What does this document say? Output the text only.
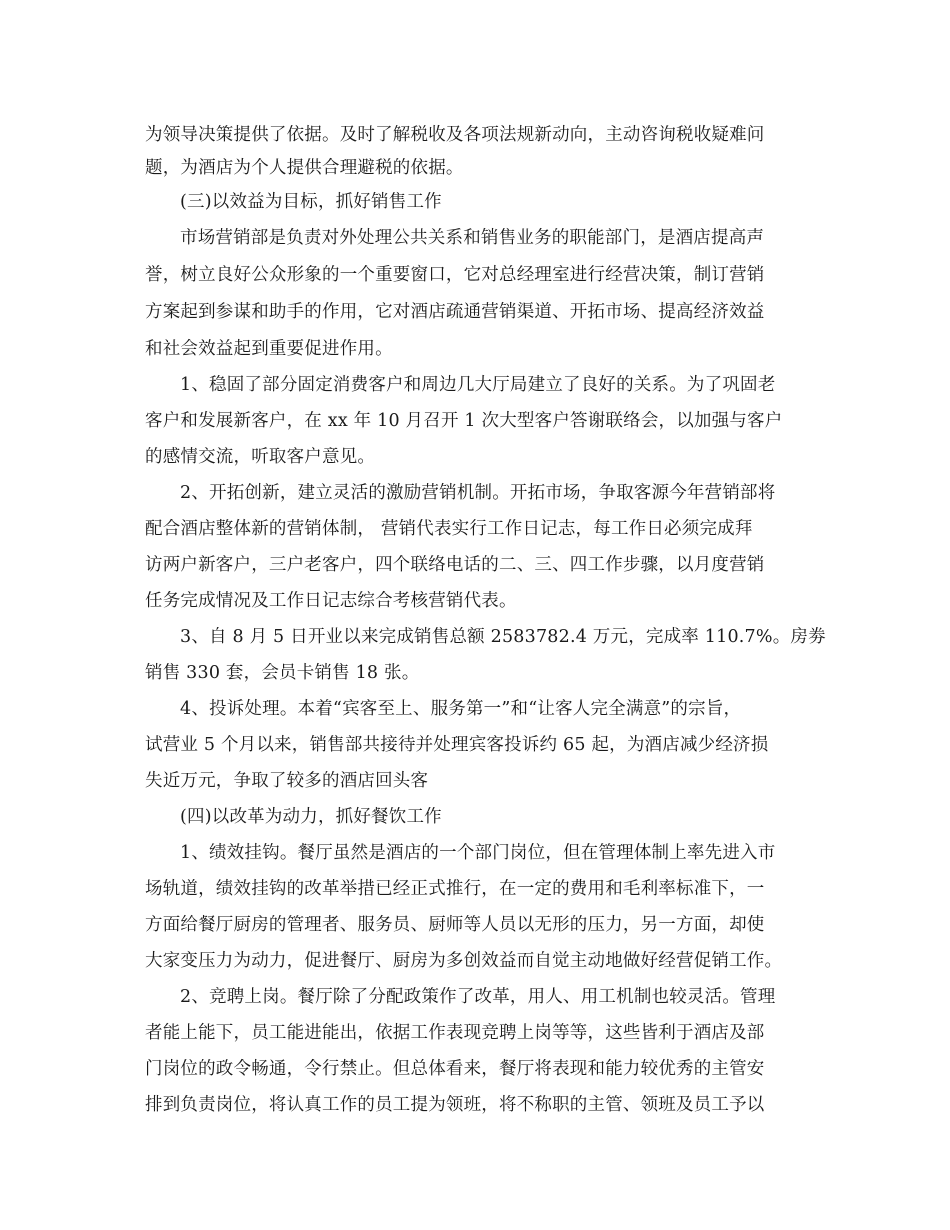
为领导决策提供了依据。及时了解税收及各项法规新动向，主动咨询税收疑难问
题，为酒店为个人提供合理避税的依据。
(三)以效益为目标，抓好销售工作
市场营销部是负责对外处理公共关系和销售业务的职能部门，是酒店提高声
誉，树立良好公众形象的一个重要窗口，它对总经理室进行经营决策，制订营销
方案起到参谋和助手的作用，它对酒店疏通营销渠道、开拓市场、提高经济效益
和社会效益起到重要促进作用。
1、稳固了部分固定消费客户和周边几大厅局建立了良好的关系。为了巩固老
客户和发展新客户，在 xx 年 10 月召开 1 次大型客户答谢联络会，以加强与客户
的感情交流，听取客户意见。
2、开拓创新，建立灵活的激励营销机制。开拓市场，争取客源今年营销部将
配合酒店整体新的营销体制， 营销代表实行工作日记志，每工作日必须完成拜
访两户新客户，三户老客户，四个联络电话的二、三、四工作步骤，以月度营销
任务完成情况及工作日记志综合考核营销代表。
3、自 8 月 5 日开业以来完成销售总额 2583782.4 万元，完成率 110.7%。房劵
销售 330 套，会员卡销售 18 张。
4、投诉处理。本着“宾客至上、服务第一”和“让客人完全满意”的宗旨，
试营业 5 个月以来，销售部共接待并处理宾客投诉约 65 起，为酒店减少经济损
失近万元，争取了较多的酒店回头客
(四)以改革为动力，抓好餐饮工作
1、绩效挂钩。餐厅虽然是酒店的一个部门岗位，但在管理体制上率先进入市
场轨道，绩效挂钩的改革举措已经正式推行，在一定的费用和毛利率标准下，一
方面给餐厅厨房的管理者、服务员、厨师等人员以无形的压力，另一方面，却使
大家变压力为动力，促进餐厅、厨房为多创效益而自觉主动地做好经营促销工作。
2、竞聘上岗。餐厅除了分配政策作了改革，用人、用工机制也较灵活。管理
者能上能下，员工能进能出，依据工作表现竞聘上岗等等，这些皆利于酒店及部
门岗位的政令畅通，令行禁止。但总体看来，餐厅将表现和能力较优秀的主管安
排到负责岗位，将认真工作的员工提为领班，将不称职的主管、领班及员工予以
